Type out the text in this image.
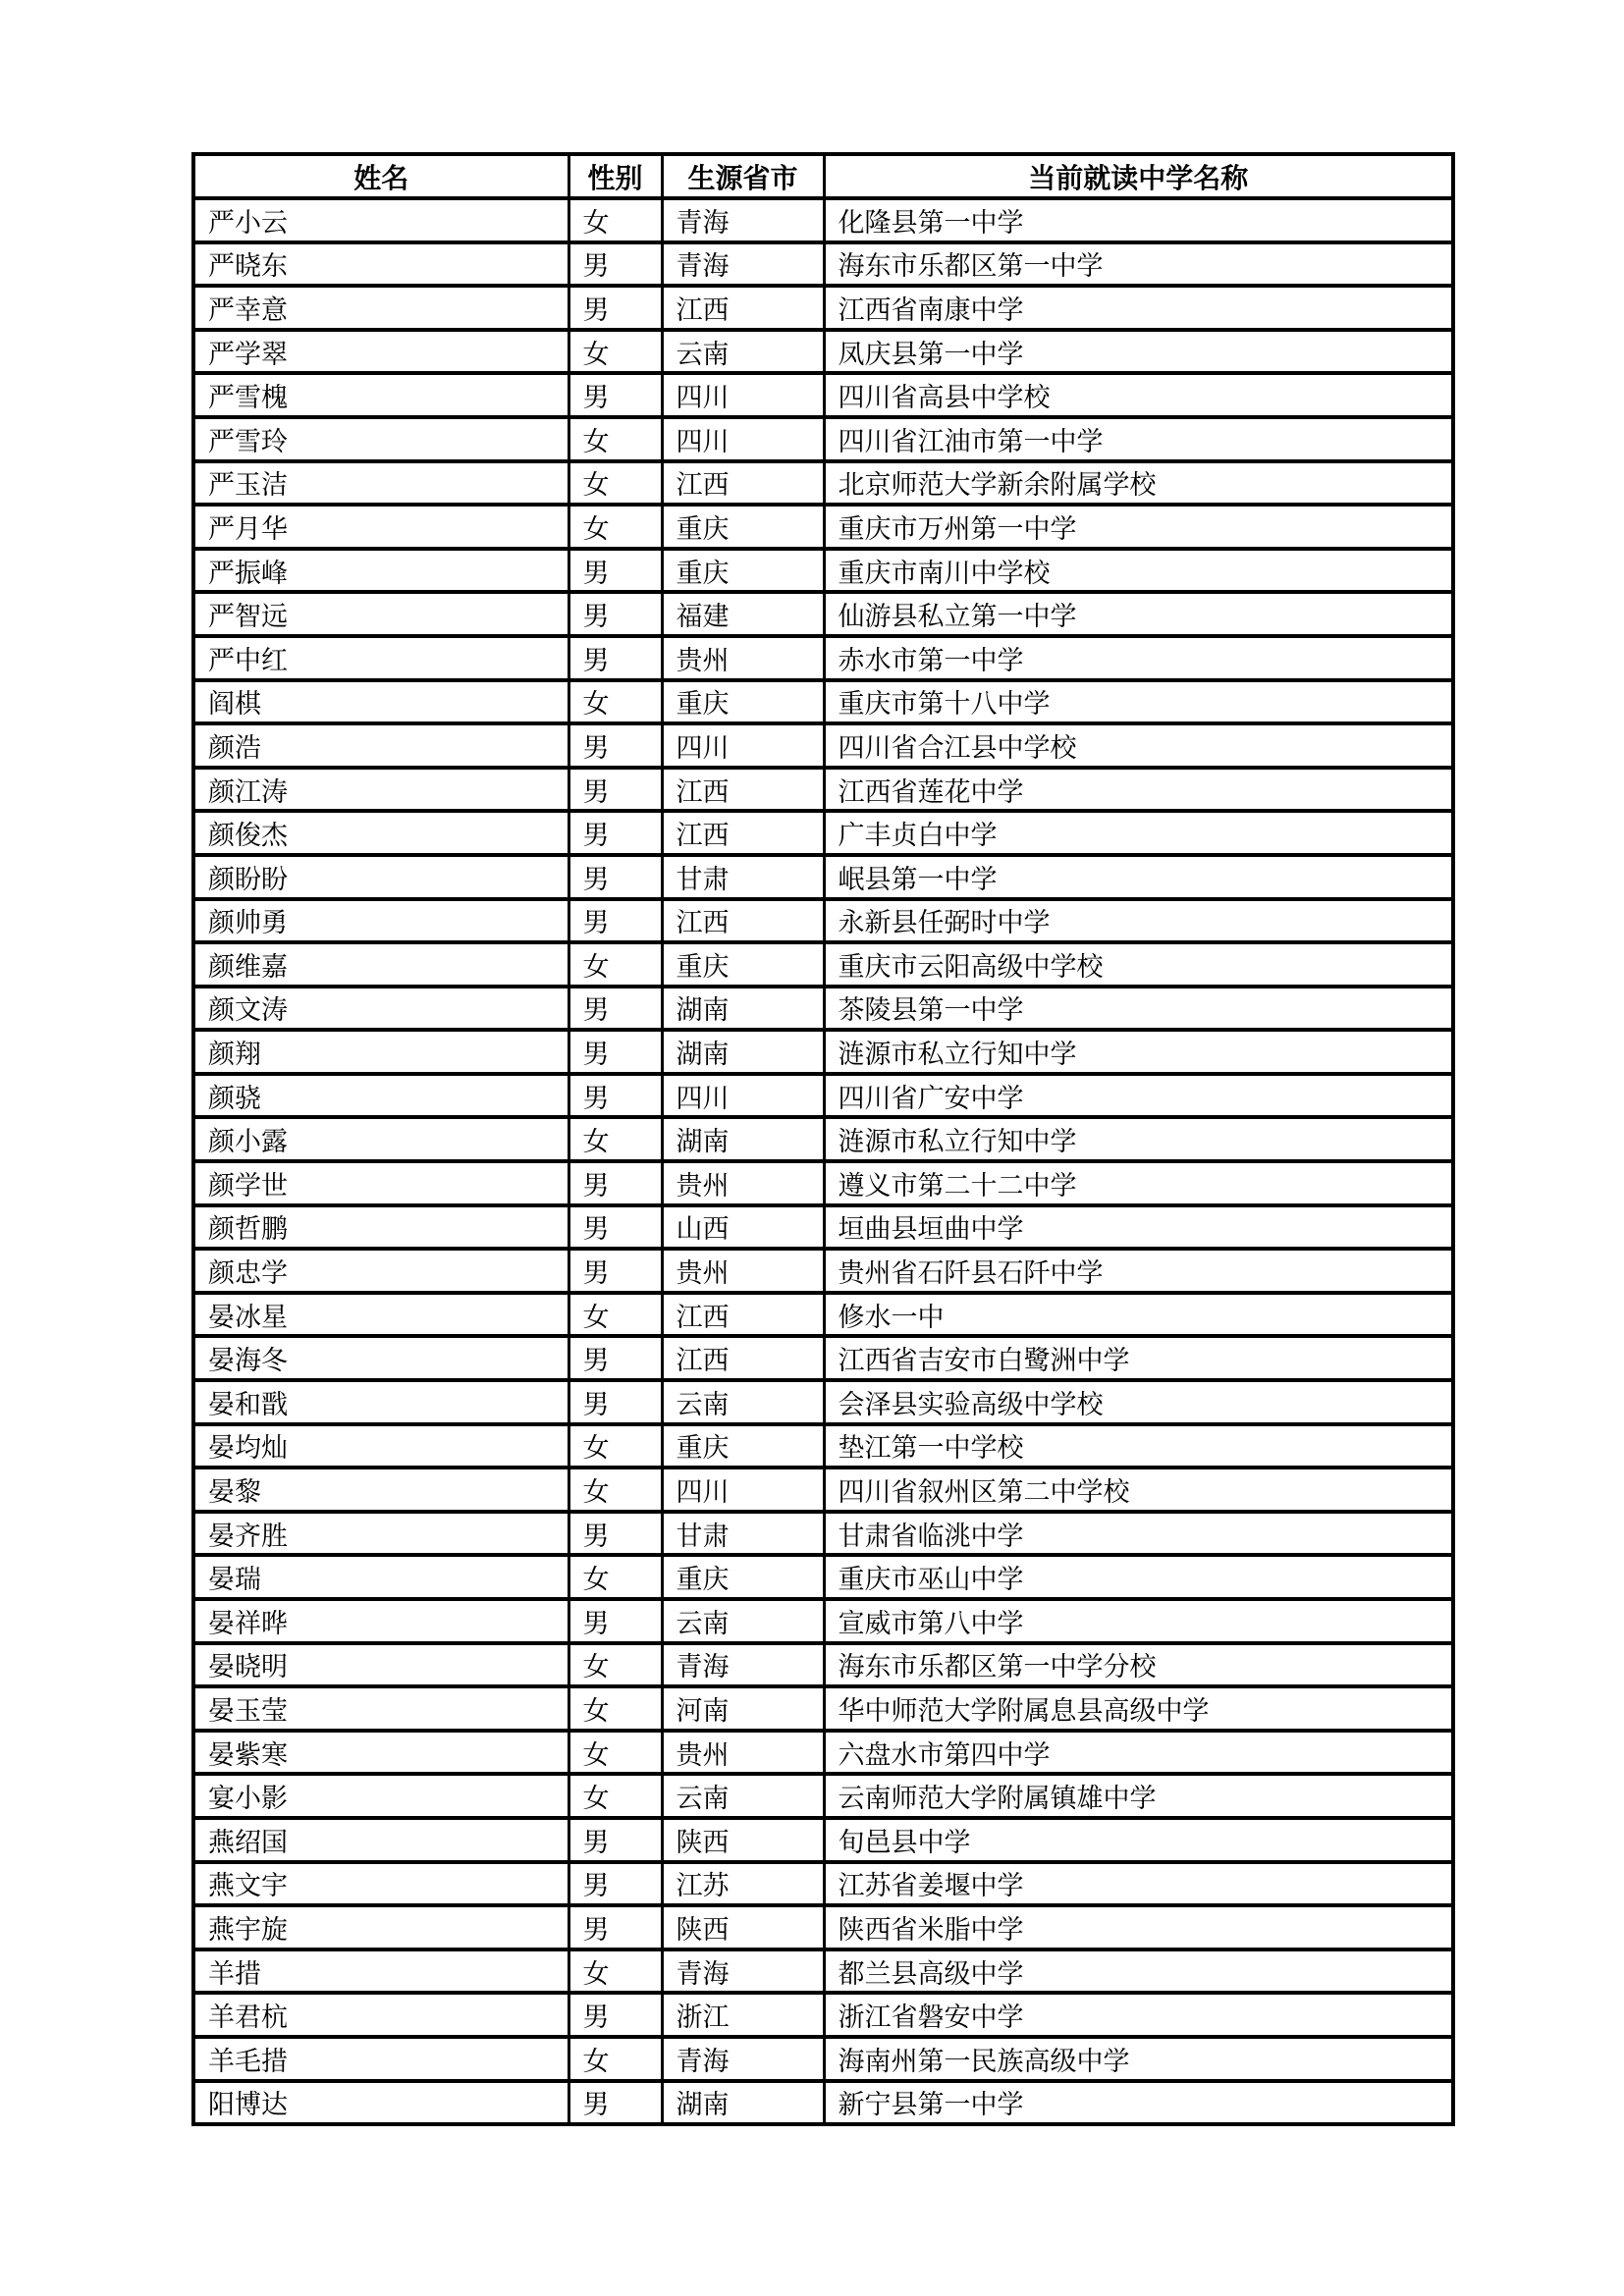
姓名	性别	生源省市	当前就读中学名称
严小云	女	青海	化隆县第一中学
严晓东	男	青海	海东市乐都区第一中学
严幸意	男	江西	江西省南康中学
严学翠	女	云南	凤庆县第一中学
严雪槐	男	四川	四川省高县中学校
严雪玲	女	四川	四川省江油市第一中学
严玉洁	女	江西	北京师范大学新余附属学校
严月华	女	重庆	重庆市万州第一中学
严振峰	男	重庆	重庆市南川中学校
严智远	男	福建	仙游县私立第一中学
严中红	男	贵州	赤水市第一中学
阎棋	女	重庆	重庆市第十八中学
颜浩	男	四川	四川省合江县中学校
颜江涛	男	江西	江西省莲花中学
颜俊杰	男	江西	广丰贞白中学
颜盼盼	男	甘肃	岷县第一中学
颜帅勇	男	江西	永新县任弼时中学
颜维嘉	女	重庆	重庆市云阳高级中学校
颜文涛	男	湖南	茶陵县第一中学
颜翔	男	湖南	涟源市私立行知中学
颜骁	男	四川	四川省广安中学
颜小露	女	湖南	涟源市私立行知中学
颜学世	男	贵州	遵义市第二十二中学
颜哲鹏	男	山西	垣曲县垣曲中学
颜忠学	男	贵州	贵州省石阡县石阡中学
晏冰星	女	江西	修水一中
晏海冬	男	江西	江西省吉安市白鹭洲中学
晏和戬	男	云南	会泽县实验高级中学校
晏均灿	女	重庆	垫江第一中学校
晏黎	女	四川	四川省叙州区第二中学校
晏齐胜	男	甘肃	甘肃省临洮中学
晏瑞	女	重庆	重庆市巫山中学
晏祥晔	男	云南	宣威市第八中学
晏晓明	女	青海	海东市乐都区第一中学分校
晏玉莹	女	河南	华中师范大学附属息县高级中学
晏紫寒	女	贵州	六盘水市第四中学
宴小影	女	云南	云南师范大学附属镇雄中学
燕绍国	男	陕西	旬邑县中学
燕文宇	男	江苏	江苏省姜堰中学
燕宇旋	男	陕西	陕西省米脂中学
羊措	女	青海	都兰县高级中学
羊君杭	男	浙江	浙江省磐安中学
羊毛措	女	青海	海南州第一民族高级中学
阳博达	男	湖南	新宁县第一中学
